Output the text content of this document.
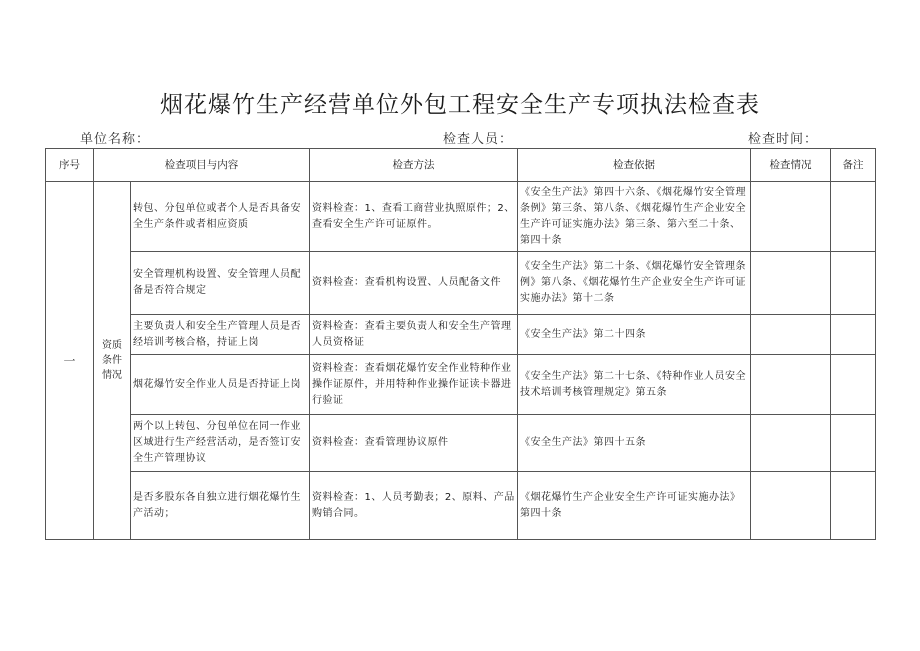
烟花爆竹生产经营单位外包工程安全生产专项执法检查表
单位名称：	检查人员：	检查时间：
序号	检查项目与内容		检查方法	检查依据	检查情况	备注
一	资质条件情况	转包、分包单位或者个人是否具备安全生产条件或者相应资质	资料检查：1、查看工商营业执照原件；2、查看安全生产许可证原件。	《安全生产法》第四十六条、《烟花爆竹安全管理条例》第三条、第八条、《烟花爆竹生产企业安全生产许可证实施办法》第三条、第六至二十条、第四十条		
		安全管理机构设置、安全管理人员配备是否符合规定	资料检查：查看机构设置、人员配备文件	《安全生产法》第二十条、《烟花爆竹安全管理条例》第八条、《烟花爆竹生产企业安全生产许可证实施办法》第十二条		
		主要负责人和安全生产管理人员是否经培训考核合格，持证上岗	资料检查：查看主要负责人和安全生产管理人员资格证	《安全生产法》第二十四条		
		烟花爆竹安全作业人员是否持证上岗	资料检查：查看烟花爆竹安全作业特种作业操作证原件，并用特种作业操作证读卡器进行验证	《安全生产法》第二十七条、《特种作业人员安全技术培训考核管理规定》第五条		
		两个以上转包、分包单位在同一作业区域进行生产经营活动，是否签订安全生产管理协议	资料检查：查看管理协议原件	《安全生产法》第四十五条		
		是否多股东各自独立进行烟花爆竹生产活动；	资料检查：1、人员考勤表；2、原料、产品购销合同。	《烟花爆竹生产企业安全生产许可证实施办法》第四十条		
